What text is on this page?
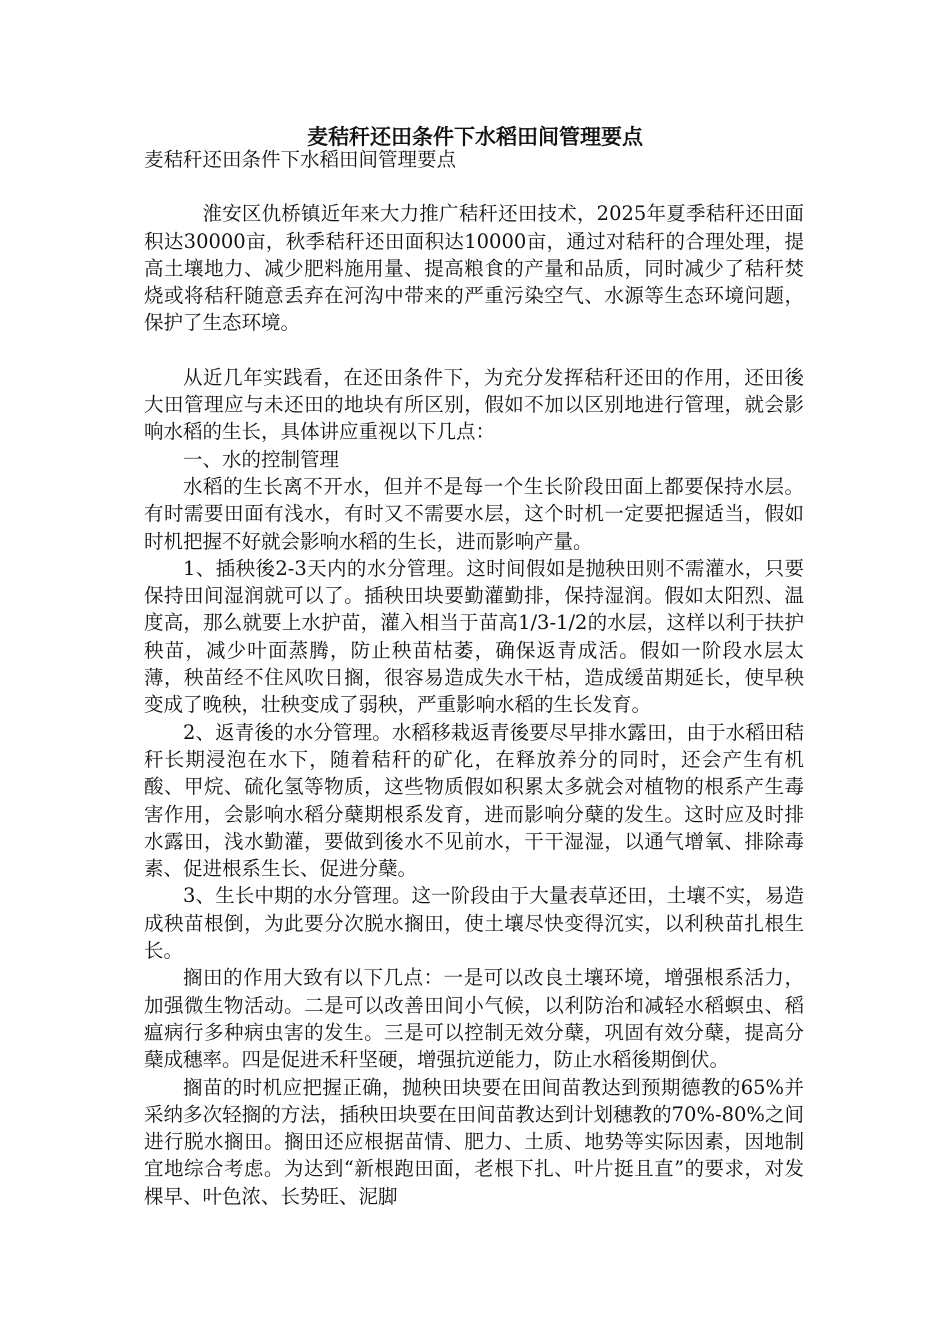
麦秸秆还田条件下水稻田间管理要点

麦秸秆还田条件下水稻田间管理要点

淮安区仇桥镇近年来大力推广秸秆还田技术，2025年夏季秸秆还田面积达30000亩，秋季秸秆还田面积达10000亩，通过对秸秆的合理处理，提高土壤地力、减少肥料施用量、提高粮食的产量和品质，同时减少了秸秆焚烧或将秸秆随意丢弃在河沟中带来的严重污染空气、水源等生态环境问题，保护了生态环境。

从近几年实践看，在还田条件下，为充分发挥秸秆还田的作用，还田後大田管理应与未还田的地块有所区别，假如不加以区别地进行管理，就会影响水稻的生长，具体讲应重视以下几点：

一、水的控制管理

水稻的生长离不开水，但并不是每一个生长阶段田面上都要保持水层。有时需要田面有浅水，有时又不需要水层，这个时机一定要把握适当，假如时机把握不好就会影响水稻的生长，进而影响产量。

1、插秧後2-3天内的水分管理。这时间假如是抛秧田则不需灌水，只要保持田间湿润就可以了。插秧田块要勤灌勤排，保持湿润。假如太阳烈、温度高，那么就要上水护苗，灌入相当于苗高1/3-1/2的水层，这样以利于扶护秧苗，减少叶面蒸腾，防止秧苗枯萎，确保返青成活。假如一阶段水层太薄，秧苗经不住风吹日搁，很容易造成失水干枯，造成缓苗期延长，使早秧变成了晚秧，壮秧变成了弱秧，严重影响水稻的生长发育。

2、返青後的水分管理。水稻移栽返青後要尽早排水露田，由于水稻田秸秆长期浸泡在水下，随着秸秆的矿化，在释放养分的同时，还会产生有机酸、甲烷、硫化氢等物质，这些物质假如积累太多就会对植物的根系产生毒害作用，会影响水稻分蘖期根系发育，进而影响分蘖的发生。这时应及时排水露田，浅水勤灌，要做到後水不见前水，干干湿湿，以通气增氧、排除毒素、促进根系生长、促进分蘖。

3、生长中期的水分管理。这一阶段由于大量表草还田，土壤不实，易造成秧苗根倒，为此要分次脱水搁田，使土壤尽快变得沉实，以利秧苗扎根生长。

搁田的作用大致有以下几点：一是可以改良土壤环境，增强根系活力，加强微生物活动。二是可以改善田间小气候，以利防治和减轻水稻螟虫、稻瘟病行多种病虫害的发生。三是可以控制无效分蘖，巩固有效分蘖，提高分蘖成穗率。四是促进禾秆坚硬，增强抗逆能力，防止水稻後期倒伏。

搁苗的时机应把握正确，抛秧田块要在田间苗教达到预期德教的65%并采纳多次轻搁的方法，插秧田块要在田间苗教达到计划穗教的70%-80%之间进行脱水搁田。搁田还应根据苗情、肥力、土质、地势等实际因素，因地制宜地综合考虑。为达到“新根跑田面，老根下扎、叶片挺且直”的要求，对发棵早、叶色浓、长势旺、泥脚
